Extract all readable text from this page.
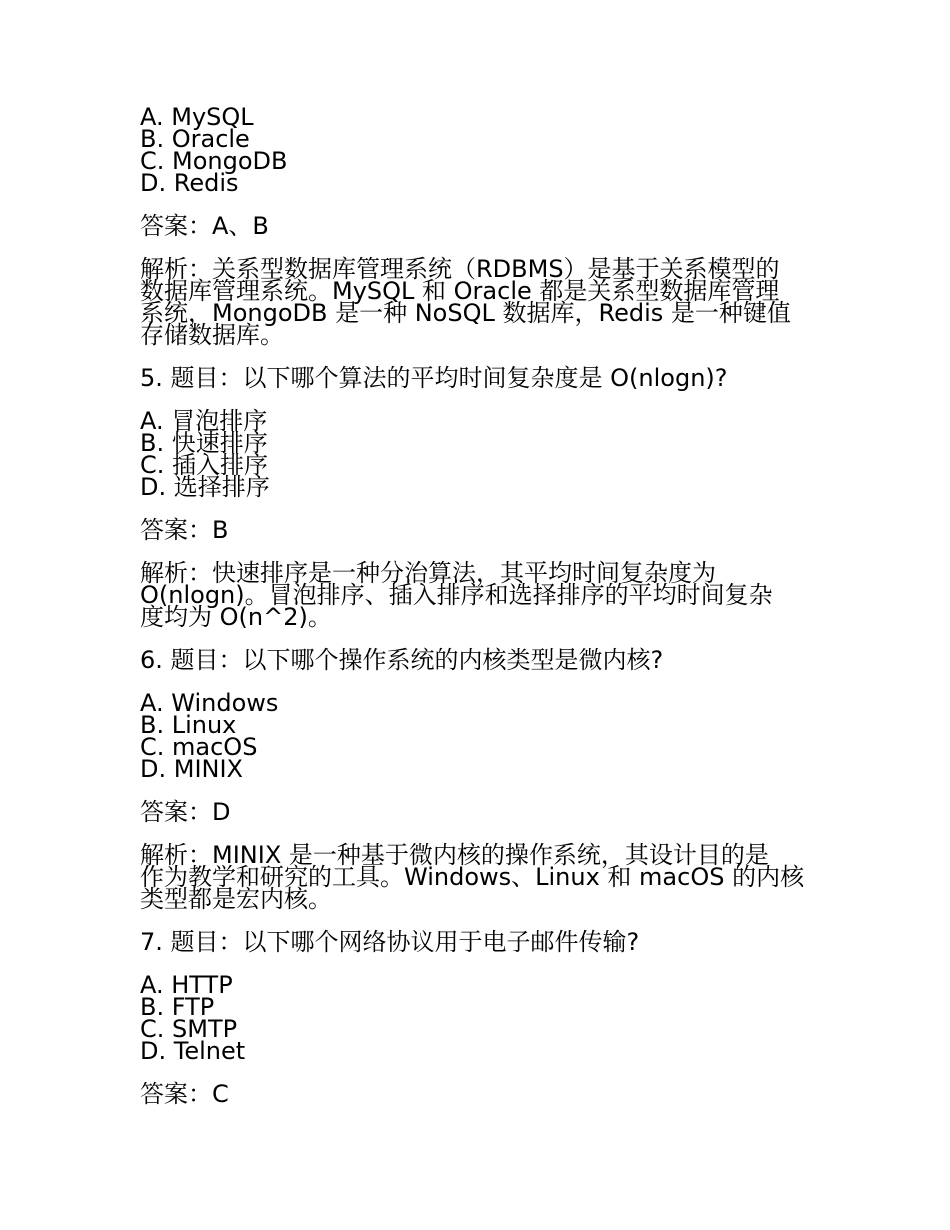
A. MySQL
B. Oracle
C. MongoDB
D. Redis

答案：A、B

解析：关系型数据库管理系统（RDBMS）是基于关系模型的
数据库管理系统。MySQL 和 Oracle 都是关系型数据库管理
系统，MongoDB 是一种 NoSQL 数据库，Redis 是一种键值
存储数据库。

5. 题目：以下哪个算法的平均时间复杂度是 O(nlogn)?

A. 冒泡排序
B. 快速排序
C. 插入排序
D. 选择排序

答案：B

解析：快速排序是一种分治算法，其平均时间复杂度为
O(nlogn)。冒泡排序、插入排序和选择排序的平均时间复杂
度均为 O(n^2)。

6. 题目：以下哪个操作系统的内核类型是微内核?

A. Windows
B. Linux
C. macOS
D. MINIX

答案：D

解析：MINIX 是一种基于微内核的操作系统，其设计目的是
作为教学和研究的工具。Windows、Linux 和 macOS 的内核
类型都是宏内核。

7. 题目：以下哪个网络协议用于电子邮件传输?

A. HTTP
B. FTP
C. SMTP
D. Telnet

答案：C
